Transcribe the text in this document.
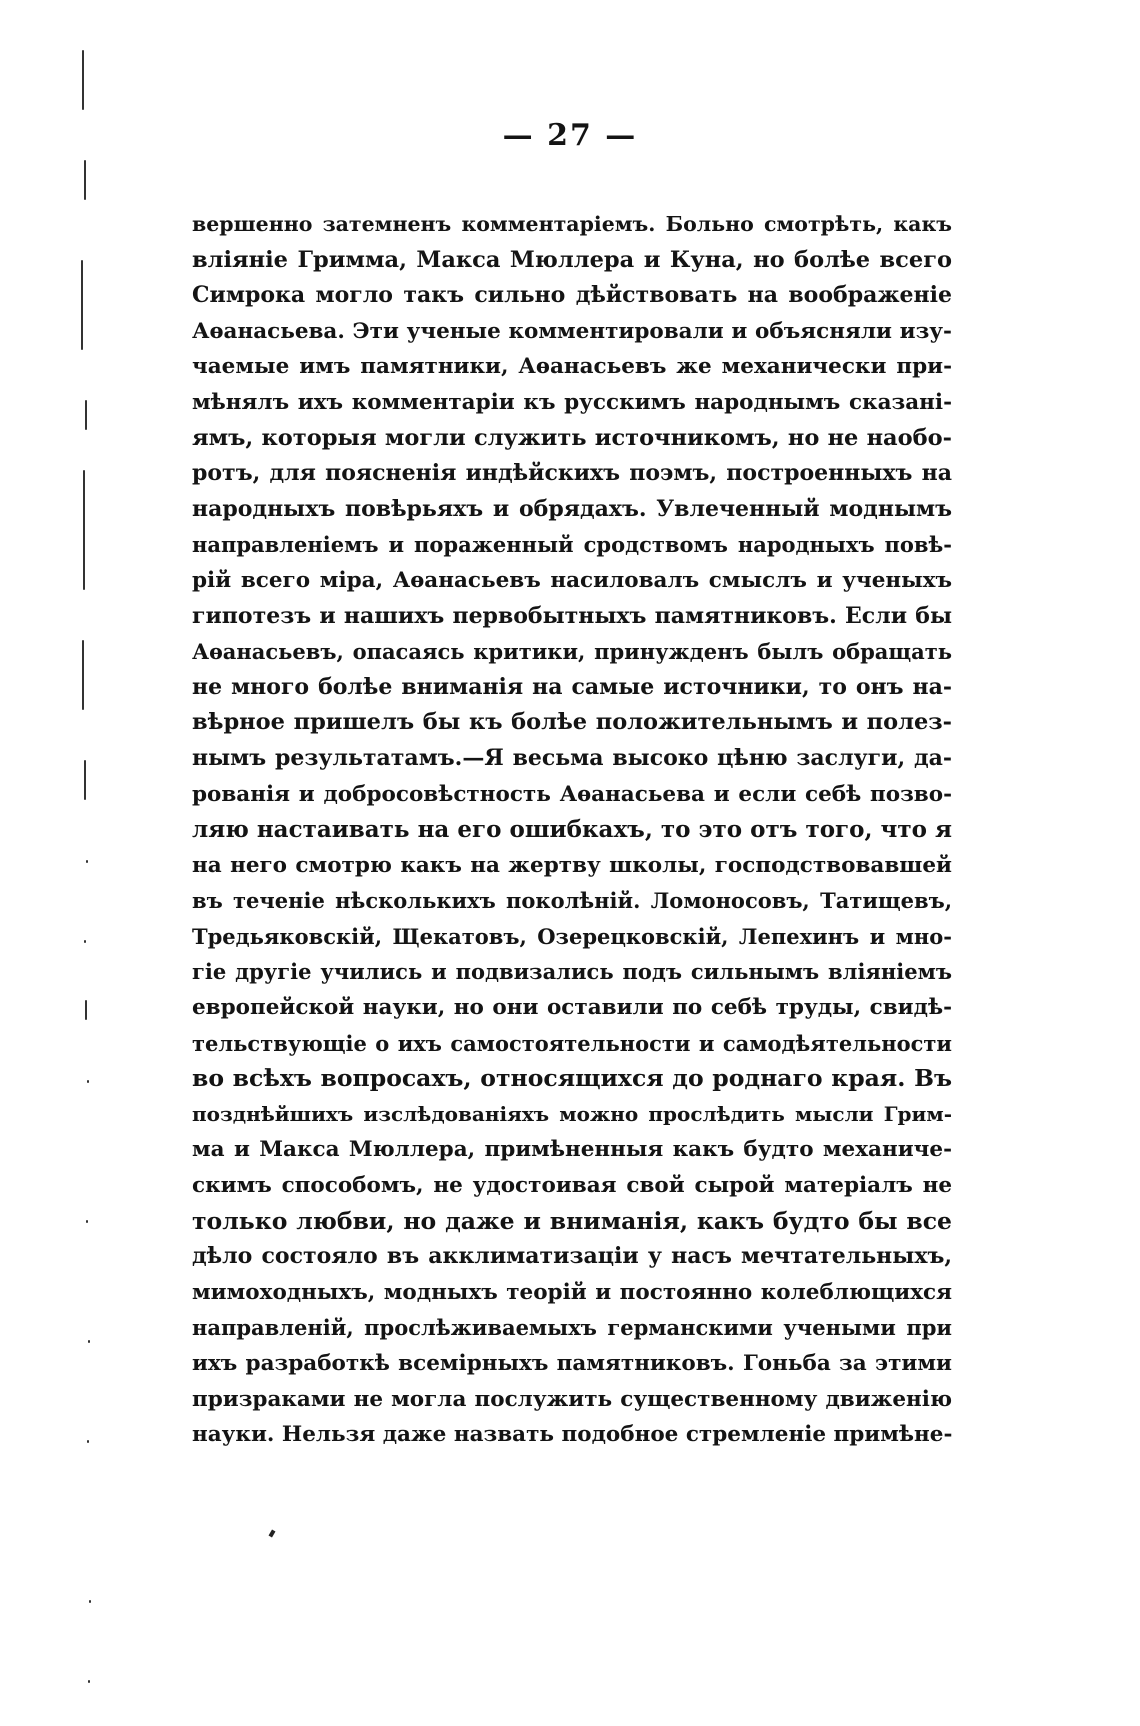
— 27 —
вершенно затемненъ комментаріемъ. Больно смотрѣть, какъ
вліяніе Гримма, Макса Мюллера и Куна, но болѣе всего
Симрока могло такъ сильно дѣйствовать на воображеніе
Аѳанасьева. Эти ученые комментировали и объясняли изу-
чаемые имъ памятники, Аѳанасьевъ же механически при-
мѣнялъ ихъ комментаріи къ русскимъ народнымъ сказані-
ямъ, которыя могли служить источникомъ, но не наобо-
ротъ, для поясненія индѣйскихъ поэмъ, построенныхъ на
народныхъ повѣрьяхъ и обрядахъ. Увлеченный моднымъ
направленіемъ и пораженный сродствомъ народныхъ повѣ-
рій всего міра, Аѳанасьевъ насиловалъ смыслъ и ученыхъ
гипотезъ и нашихъ первобытныхъ памятниковъ. Если бы
Аѳанасьевъ, опасаясь критики, принужденъ былъ обращать
не много болѣе вниманія на самые источники, то онъ на-
вѣрное пришелъ бы къ болѣе положительнымъ и полез-
нымъ результатамъ.—Я весьма высоко цѣню заслуги, да-
рованія и добросовѣстность Аѳанасьева и если себѣ позво-
ляю настаивать на его ошибкахъ, то это отъ того, что я
на него смотрю какъ на жертву школы, господствовавшей
въ теченіе нѣсколькихъ поколѣній. Ломоносовъ, Татищевъ,
Тредьяковскій, Щекатовъ, Озерецковскій, Лепехинъ и мно-
гіе другіе учились и подвизались подъ сильнымъ вліяніемъ
европейской науки, но они оставили по себѣ труды, свидѣ-
тельствующіе о ихъ самостоятельности и самодѣятельности
во всѣхъ вопросахъ, относящихся до роднаго края. Въ
позднѣйшихъ изслѣдованіяхъ можно прослѣдить мысли Грим-
ма и Макса Мюллера, примѣненныя какъ будто механиче-
скимъ способомъ, не удостоивая свой сырой матеріалъ не
только любви, но даже и вниманія, какъ будто бы все
дѣло состояло въ акклиматизаціи у насъ мечтательныхъ,
мимоходныхъ, модныхъ теорій и постоянно колеблющихся
направленій, прослѣживаемыхъ германскими учеными при
ихъ разработкѣ всемірныхъ памятниковъ. Гоньба за этими
призраками не могла послужить существенному движенію
науки. Нельзя даже назвать подобное стремленіе примѣне-
